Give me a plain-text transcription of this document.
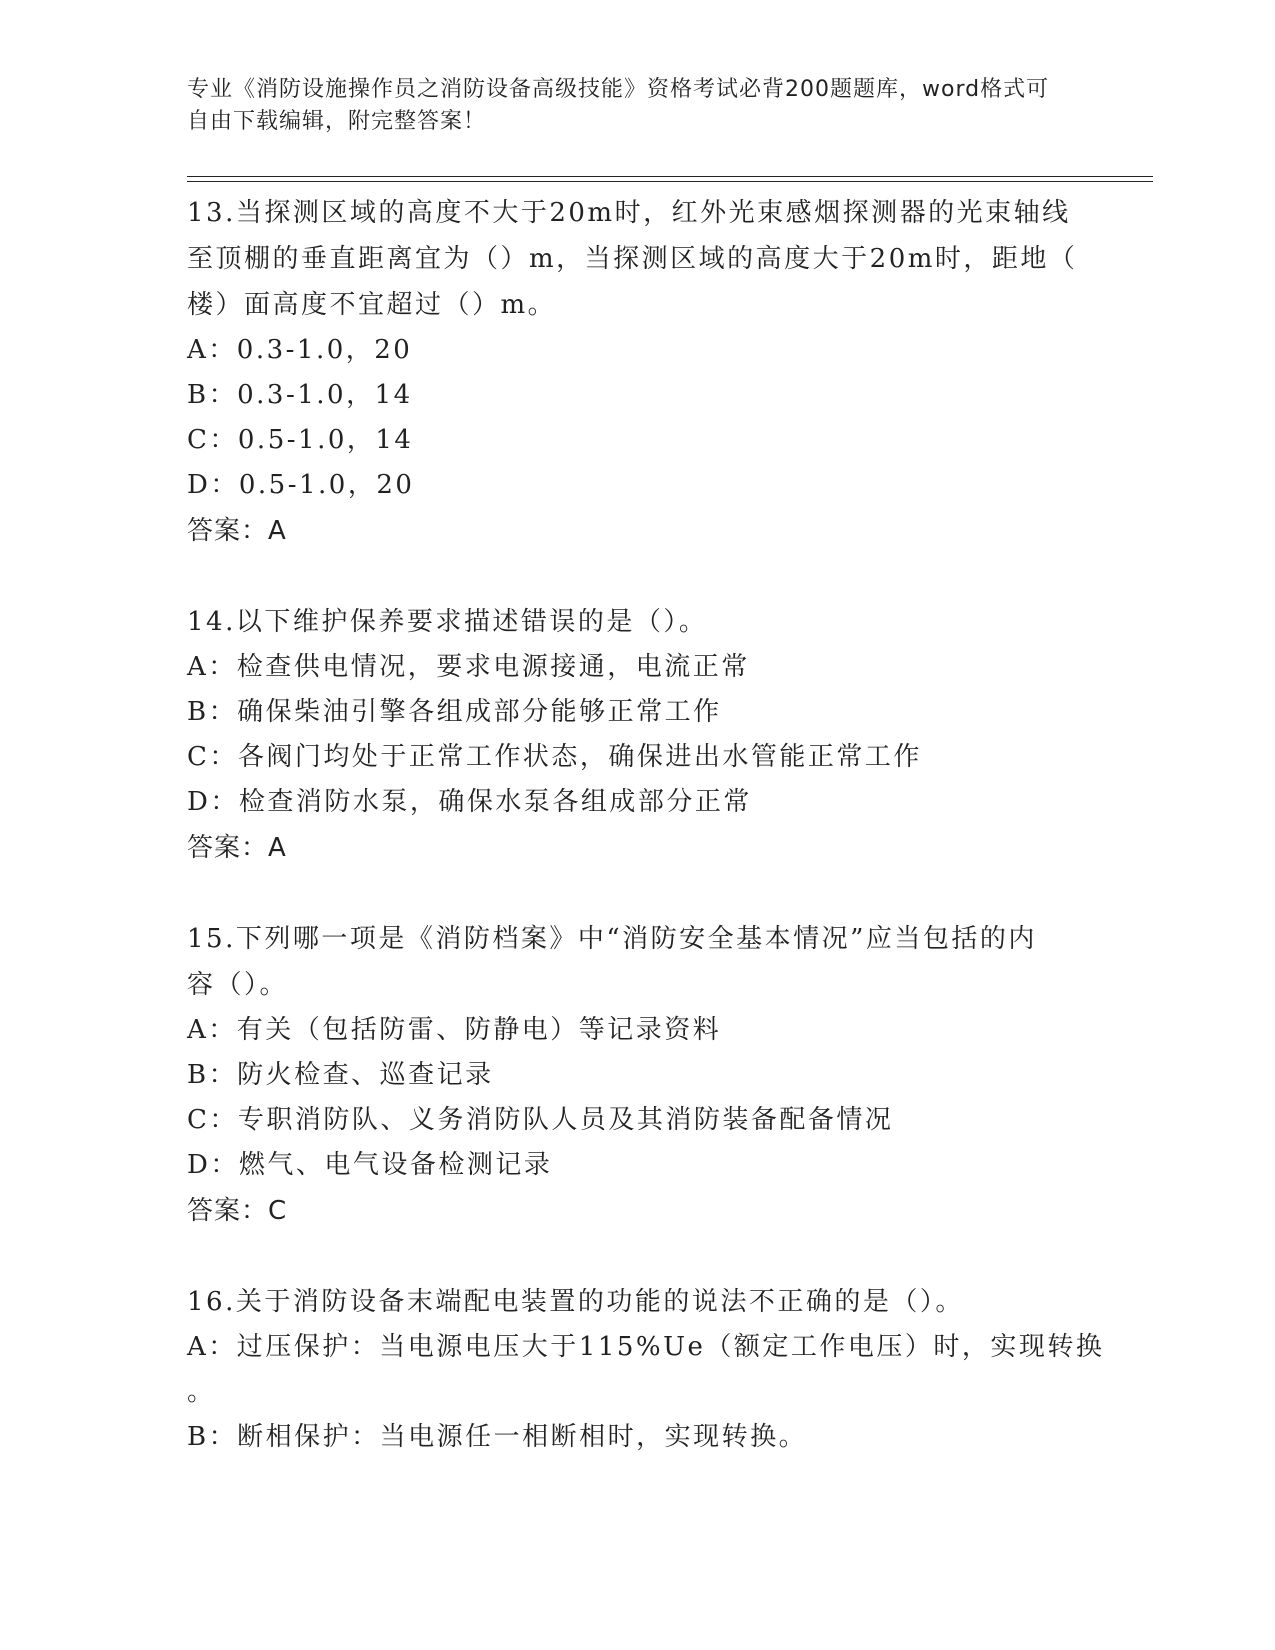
专业《消防设施操作员之消防设备高级技能》资格考试必背200题题库，word格式可自由下载编辑，附完整答案！
13.当探测区域的高度不大于20m时，红外光束感烟探测器的光束轴线
至顶棚的垂直距离宜为（）m，当探测区域的高度大于20m时，距地（
楼）面高度不宜超过（）m。
A：0.3-1.0，20
B：0.3-1.0，14
C：0.5-1.0，14
D：0.5-1.0，20
答案：A
14.以下维护保养要求描述错误的是（）。
A：检查供电情况，要求电源接通，电流正常
B：确保柴油引擎各组成部分能够正常工作
C：各阀门均处于正常工作状态，确保进出水管能正常工作
D：检查消防水泵，确保水泵各组成部分正常
答案：A
15.下列哪一项是《消防档案》中“消防安全基本情况”应当包括的内
容（）。
A：有关（包括防雷、防静电）等记录资料
B：防火检查、巡查记录
C：专职消防队、义务消防队人员及其消防装备配备情况
D：燃气、电气设备检测记录
答案：C
16.关于消防设备末端配电装置的功能的说法不正确的是（）。
A：过压保护：当电源电压大于115%Ue（额定工作电压）时，实现转换
。
B：断相保护：当电源任一相断相时，实现转换。
